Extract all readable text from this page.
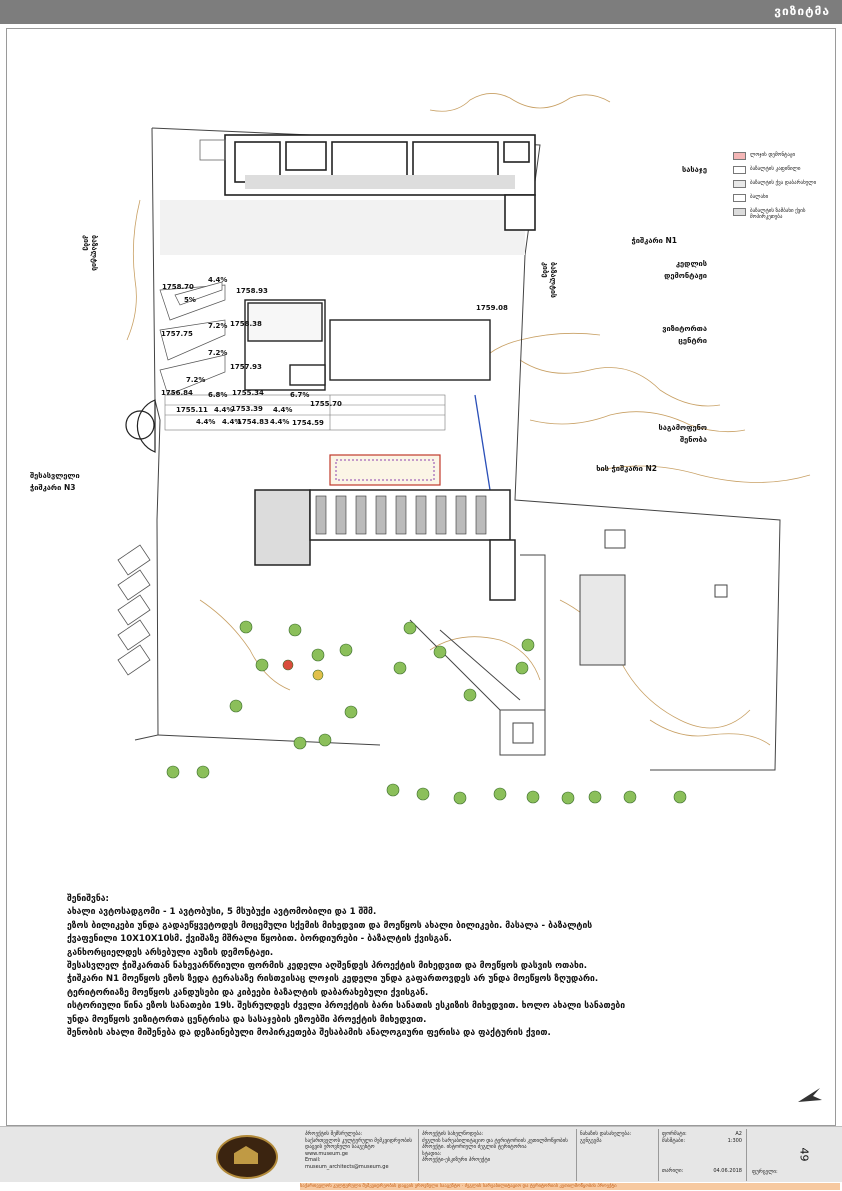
ვიზიტმა
1758.70	1758.93
1759.08
1758.38
1757.93
1757.75
1756.84	1755.34
1755.70
1755.11	1753.39
1754.83	1754.59
4.4%
5%
7.2%
7.2%
7.2%
6.8%	6.7%
4.4%	4.4%
4.4%	4.4%
4.4%
სასაჯე
ჭიშკარი N1
კედლის
დემონტაჟი
ვიზიტორთა
ცენტრი
საგამოფენო
შენობა
ხის ჭიშკარი N2
შესასვლელი
ჭიშკარი N3
ბაზალტის
კიბე
ბაზალტის
კიბე
ლოჯის დემონტაჟი
ბაზალტის კაფიწილი
ბაზალტის ქვა დაბარახული
ბალახი
ბაზალტის ზამბახი ქვის მოპირკეთება
შენიშვნა:
ახალი ავტოსადგომი - 1 ავტობუსი, 5 მსუბუქი ავტომობილი და 1 შშმ.
ეზოს ბილიკები უნდა გადაეწყვეტოდეს მოცემული სქემის მიხედვით და მოეწყოს ახალი ბილიკები. მასალა - ბაზალტის
ქვაფენილი 10X10X10სმ. ქვიშაზე მშრალი წყობით. ბორდიურები - ბაზალტის ქვისგან.
განხორციელდეს არსებული აუზის დემონტაჟი.
შესასვლელ ჭიშკართან ნახევარწრიული ფორმის კედელი აღშენდეს პროექტის მიხედვით და მოეწყოს დასვის ოთახი.
ჭიშკარი N1 მოეწყოს ეზოს ზედა ტერასაზე რისთვისაც ლოჯის კედელი უნდა გაფართოვდეს არ უნდა მოეწყოს ზღუდარი.
ტერიტორიაზე მოეწყოს კანდუსები და კიბეები ბაზალტის დაბარახებული ქვისგან.
ისტორიული წინა ეზოს სანათები 19ს. შესრულდეს ძველი პროექტის ბარი სანათის ესკიზის მიხედვით. ხოლო ახალი სანათები
უნდა მოეწყოს ვიზიტორთა ცენტრისა და სასაჯების ეზოებში პროექტის მიხედვით.
შენობის ახალი მიშენება და დეზაინებული მოპირკეთება შესაბამის ანალოგიური ფერისა და ფაქტურის ქვით.
პროექტის შემსრულება:
საქართველოს კულტურული მემკვიდრეობის
დაცვის ეროვნული სააგენტო
www.museum.ge
Email:
museum_architects@museum.ge
პროექტის სახელწოდება:
ძეგლის სარეაბილიტაციო და ტერიტორიის კეთილმოწყობის
პროექტი. ისტორიული ძეგლის ტერიტორია
სტადია:
პროექტი-ესკიზური პროექტი
ნახაზის დასახელება:
გენგეგმა
ფორმატი:	A2
მასშტაბი:	1:300
თარიღი:	04.06.2018 ფურცელი:
49
საქართველოს კულტურული მემკვიდრეობის დაცვის ეროვნული სააგენტო · ძეგლის სარეაბილიტაციო და ტერიტორიის კეთილმოწყობის პროექტი
